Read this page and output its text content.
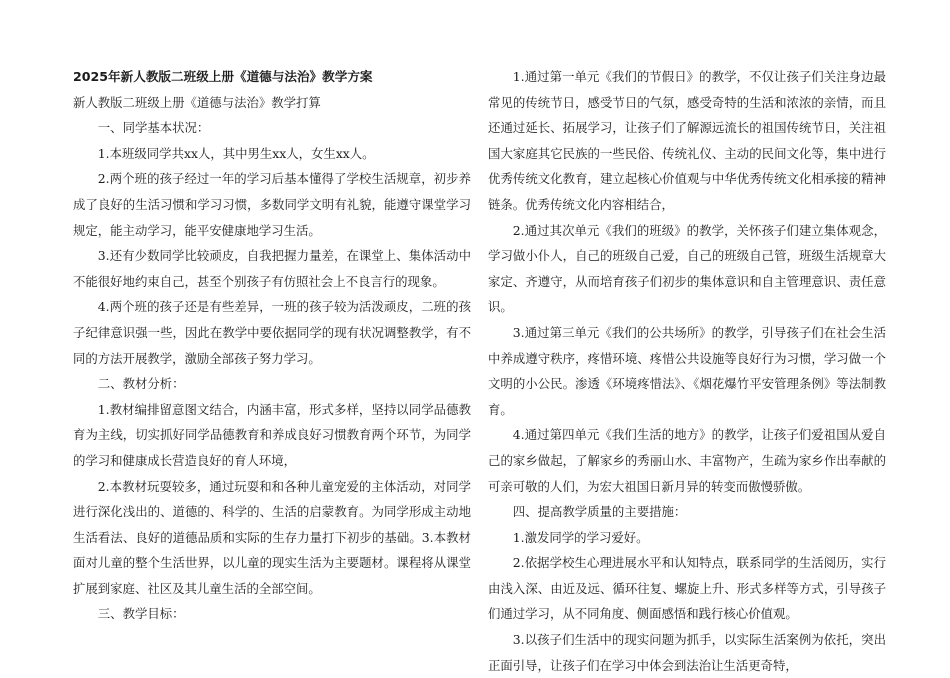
2025年新人教版二班级上册《道德与法治》教学方案

新人教版二班级上册《道德与法治》教学打算

一、同学基本状况：

1.本班级同学共xx人，其中男生xx人，女生xx人。

2.两个班的孩子经过一年的学习后基本懂得了学校生活规章，初步养成了良好的生活习惯和学习习惯，多数同学文明有礼貌，能遵守课堂学习规定，能主动学习，能平安健康地学习生活。

3.还有少数同学比较顽皮，自我把握力量差，在课堂上、集体活动中不能很好地约束自己，甚至个别孩子有仿照社会上不良言行的现象。

4.两个班的孩子还是有些差异，一班的孩子较为活泼顽皮，二班的孩子纪律意识强一些，因此在教学中要依据同学的现有状况调整教学，有不同的方法开展教学，激励全部孩子努力学习。

二、教材分析：

1.教材编排留意图文结合，内涵丰富，形式多样，坚持以同学品德教育为主线，切实抓好同学品德教育和养成良好习惯教育两个环节，为同学的学习和健康成长营造良好的育人环境，

2.本教材玩耍较多，通过玩耍和和各种儿童宠爱的主体活动，对同学进行深化浅出的、道德的、科学的、生活的启蒙教育。为同学形成主动地生活看法、良好的道德品质和实际的生存力量打下初步的基础。3.本教材面对儿童的整个生活世界，以儿童的现实生活为主要题材。课程将从课堂扩展到家庭、社区及其儿童生活的全部空间。

三、教学目标：

1.通过第一单元《我们的节假日》的教学，不仅让孩子们关注身边最常见的传统节日，感受节日的气氛，感受奇特的生活和浓浓的亲情，而且还通过延长、拓展学习，让孩子们了解源远流长的祖国传统节日，关注祖国大家庭其它民族的一些民俗、传统礼仪、主动的民间文化等，集中进行优秀传统文化教育，建立起核心价值观与中华优秀传统文化相承接的精神链条。优秀传统文化内容相结合，

2.通过其次单元《我们的班级》的教学，关怀孩子们建立集体观念，学习做小仆人，自己的班级自己爱，自己的班级自己管，班级生活规章大家定、齐遵守，从而培育孩子们初步的集体意识和自主管理意识、责任意识。

3.通过第三单元《我们的公共场所》的教学，引导孩子们在社会生活中养成遵守秩序，疼惜环境、疼惜公共设施等良好行为习惯，学习做一个文明的小公民。渗透《环境疼惜法》、《烟花爆竹平安管理条例》等法制教育。

4.通过第四单元《我们生活的地方》的教学，让孩子们爱祖国从爱自己的家乡做起，了解家乡的秀丽山水、丰富物产，生疏为家乡作出奉献的可亲可敬的人们，为宏大祖国日新月异的转变而傲慢骄傲。

四、提高教学质量的主要措施：

1.激发同学的学习爱好。

2.依据学校生心理进展水平和认知特点，联系同学的生活阅历，实行由浅入深、由近及远、循环往复、螺旋上升、形式多样等方式，引导孩子们通过学习，从不同角度、侧面感悟和践行核心价值观。

3.以孩子们生活中的现实问题为抓手，以实际生活案例为依托，突出正面引导，让孩子们在学习中体会到法治让生活更奇特，
